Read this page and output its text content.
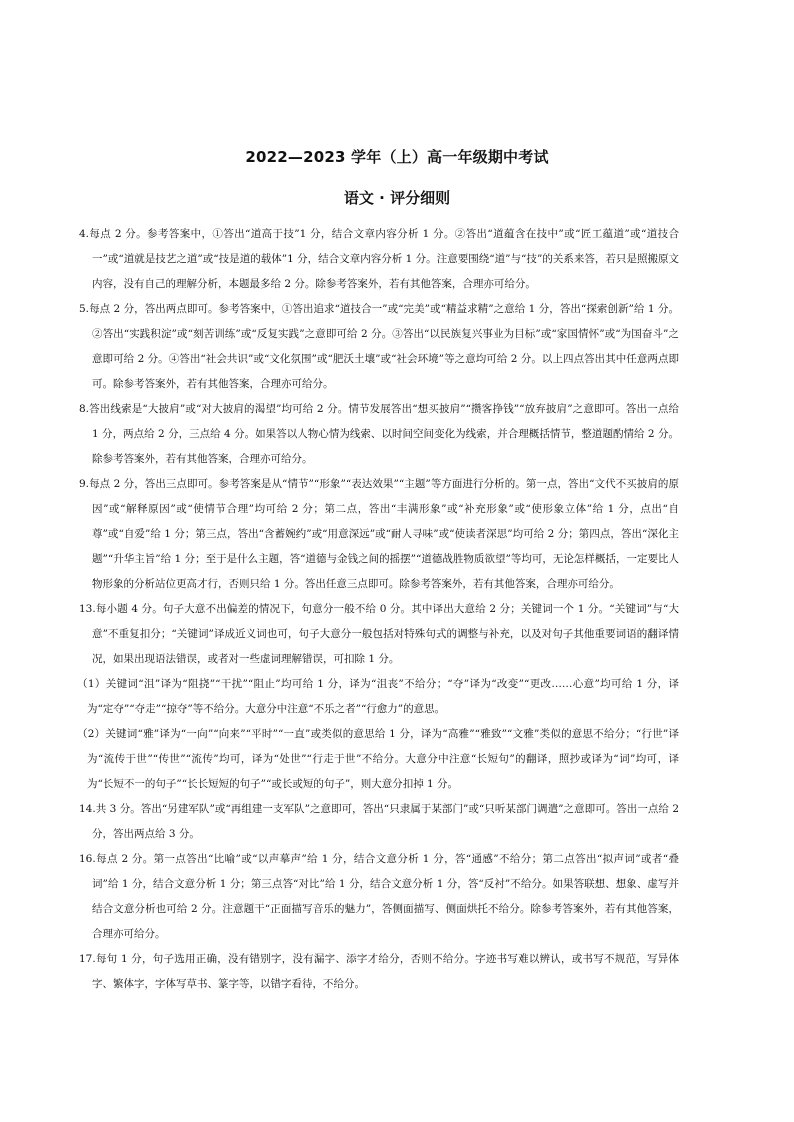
2022—2023 学年（上）高一年级期中考试
语文 · 评分细则
4.每点 2 分。参考答案中，①答出“道高于技”1 分，结合文章内容分析 1 分。②答出“道蕴含在技中”或“匠工蕴道”或“道技合一”或“道就是技艺之道”或“技是道的载体”1 分，结合文章内容分析 1 分。注意要围绕“道”与“技”的关系来答，若只是照搬原文内容，没有自己的理解分析，本题最多给 2 分。除参考答案外，若有其他答案，合理亦可给分。
5.每点 2 分，答出两点即可。参考答案中，①答出追求“道技合一”或“完美”或“精益求精”之意给 1 分，答出“探索创新”给 1 分。②答出“实践积淀”或“刻苦训练”或“反复实践”之意即可给 2 分。③答出“以民族复兴事业为目标”或“家国情怀”或“为国奋斗”之意即可给 2 分。④答出“社会共识”或“文化氛围”或“肥沃土壤”或“社会环境”等之意均可给 2 分。以上四点答出其中任意两点即可。除参考答案外，若有其他答案，合理亦可给分。
8.答出线索是“大披肩”或“对大披肩的渴望”均可给 2 分。情节发展答出“想买披肩”“攒客挣钱”“放弃披肩”之意即可。答出一点给 1 分，两点给 2 分，三点给 4 分。如果答以人物心情为线索、以时间空间变化为线索，并合理概括情节，整道题酌情给 2 分。除参考答案外，若有其他答案，合理亦可给分。
9.每点 2 分，答出三点即可。参考答案是从“情节”“形象”“表达效果”“主题”等方面进行分析的。第一点，答出“文代不买披肩的原因”或“解释原因”或“使情节合理”均可给 2 分；第二点，答出“丰满形象”或“补充形象”或“使形象立体”给 1 分，点出“自尊”或“自爱”给 1 分；第三点，答出“含蓄婉约”或“用意深远”或“耐人寻味”或“使读者深思”均可给 2 分；第四点，答出“深化主题”“升华主旨”给 1 分；至于是什么主题，答“道德与金钱之间的摇摆”“道德战胜物质欲望”等均可，无论怎样概括，一定要比人物形象的分析站位更高才行，否则只给 1 分。答出任意三点即可。除参考答案外，若有其他答案，合理亦可给分。
13.每小题 4 分。句子大意不出偏差的情况下，句意分一般不给 0 分。其中译出大意给 2 分；关键词一个 1 分。“关键词”与“大意”不重复扣分；“关键词”译成近义词也可，句子大意分一般包括对特殊句式的调整与补充，以及对句子其他重要词语的翻译情况，如果出现语法错误，或者对一些虚词理解错误，可扣除 1 分。
（1）关键词“沮”译为“阻挠”“干扰”“阻止”均可给 1 分，译为“沮丧”不给分；“夺”译为“改变”“更改……心意”均可给 1 分，译为“定夺”“夺走”“掠夺”等不给分。大意分中注意“不乐之者”“行愈力”的意思。
（2）关键词“雅”译为“一向”“向来”“平时”“一直”或类似的意思给 1 分，译为“高雅”“雅致”“文雅”类似的意思不给分；“行世”译为“流传于世”“传世”“流传”均可，译为“处世”“行走于世”不给分。大意分中注意“长短句”的翻译，照抄或译为“词”均可，译为“长短不一的句子”“长长短短的句子”“或长或短的句子”，则大意分扣掉 1 分。
14.共 3 分。答出“另建军队”或“再组建一支军队”之意即可，答出“只隶属于某部门”或“只听某部门调遣”之意即可。答出一点给 2 分，答出两点给 3 分。
16.每点 2 分。第一点答出“比喻”或“以声摹声”给 1 分，结合文意分析 1 分，答“通感”不给分；第二点答出“拟声词”或者“叠词”给 1 分，结合文意分析 1 分；第三点答“对比”给 1 分，结合文意分析 1 分，答“反衬”不给分。如果答联想、想象、虚写并结合文意分析也可给 2 分。注意题干“正面描写音乐的魅力”，答侧面描写、侧面烘托不给分。除参考答案外，若有其他答案，合理亦可给分。
17.每句 1 分，句子选用正确，没有错别字，没有漏字、添字才给分，否则不给分。字迹书写难以辨认，或书写不规范，写异体字、繁体字，字体写草书、篆字等，以错字看待，不给分。
